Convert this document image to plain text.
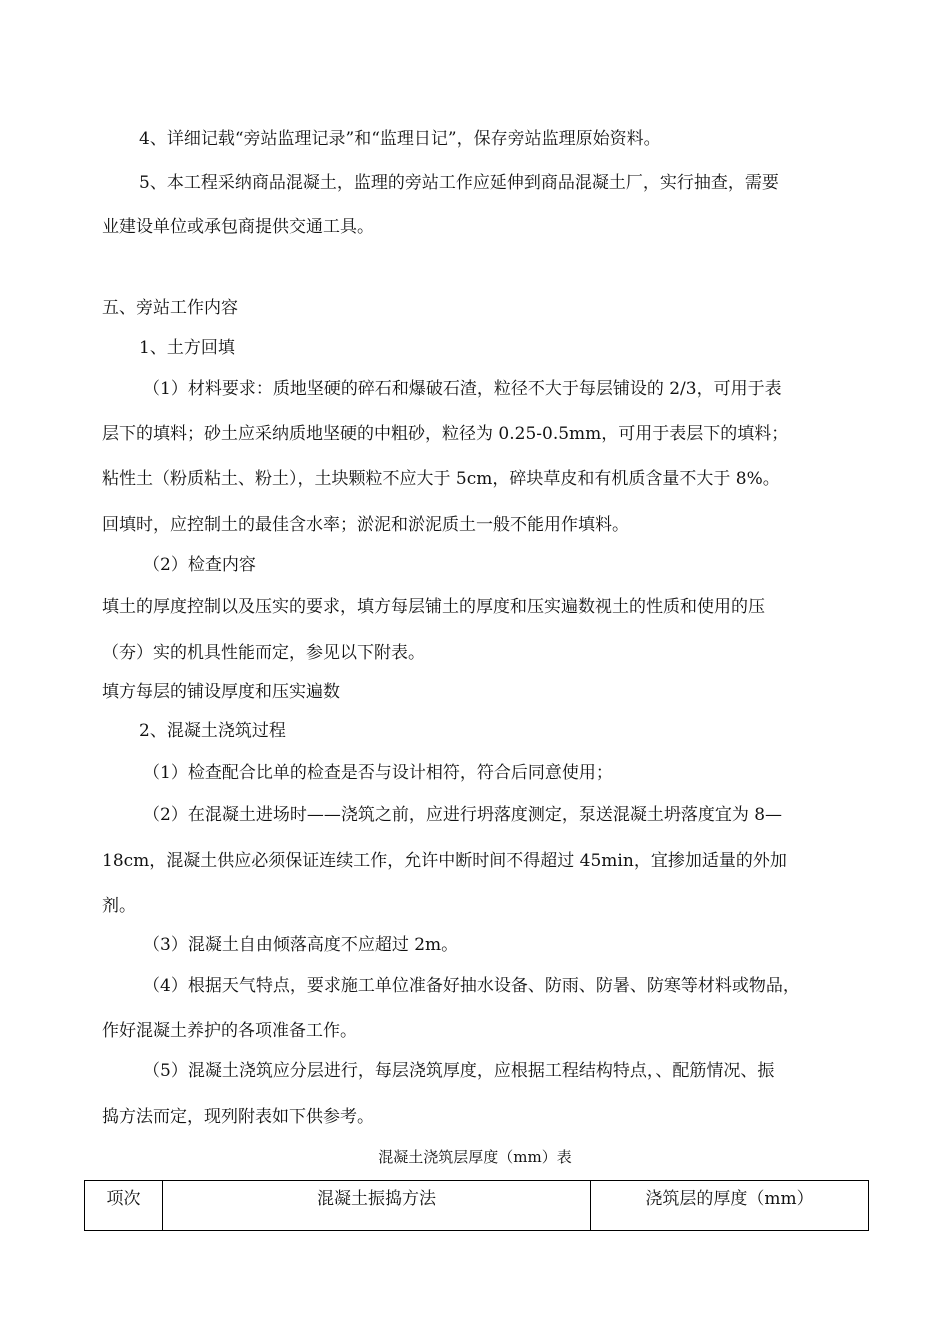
4、详细记载“旁站监理记录”和“监理日记”，保存旁站监理原始资料。
5、本工程采纳商品混凝土，监理的旁站工作应延伸到商品混凝土厂，实行抽查，需要
业建设单位或承包商提供交通工具。
五、旁站工作内容
1、土方回填
（1）材料要求：质地坚硬的碎石和爆破石渣，粒径不大于每层铺设的 2/3，可用于表
层下的填料；砂土应采纳质地坚硬的中粗砂，粒径为 0.25-0.5mm，可用于表层下的填料；
粘性土（粉质粘土、粉土），土块颗粒不应大于 5cm，碎块草皮和有机质含量不大于 8%。
回填时，应控制土的最佳含水率；淤泥和淤泥质土一般不能用作填料。
（2）检查内容
填土的厚度控制以及压实的要求，填方每层铺土的厚度和压实遍数视土的性质和使用的压
（夯）实的机具性能而定，参见以下附表。
填方每层的铺设厚度和压实遍数
2、混凝土浇筑过程
（1）检查配合比单的检查是否与设计相符，符合后同意使用；
（2）在混凝土进场时——浇筑之前，应进行坍落度测定，泵送混凝土坍落度宜为 8—
18cm，混凝土供应必须保证连续工作，允许中断时间不得超过 45min，宜掺加适量的外加
剂。
（3）混凝土自由倾落高度不应超过 2m。
（4）根据天气特点，要求施工单位准备好抽水设备、防雨、防暑、防寒等材料或物品，
作好混凝土养护的各项准备工作。
（5）混凝土浇筑应分层进行，每层浇筑厚度，应根据工程结构特点，、配筋情况、振
捣方法而定，现列附表如下供参考。
混凝土浇筑层厚度（mm）表
项次	混凝土振捣方法	浇筑层的厚度（mm）
